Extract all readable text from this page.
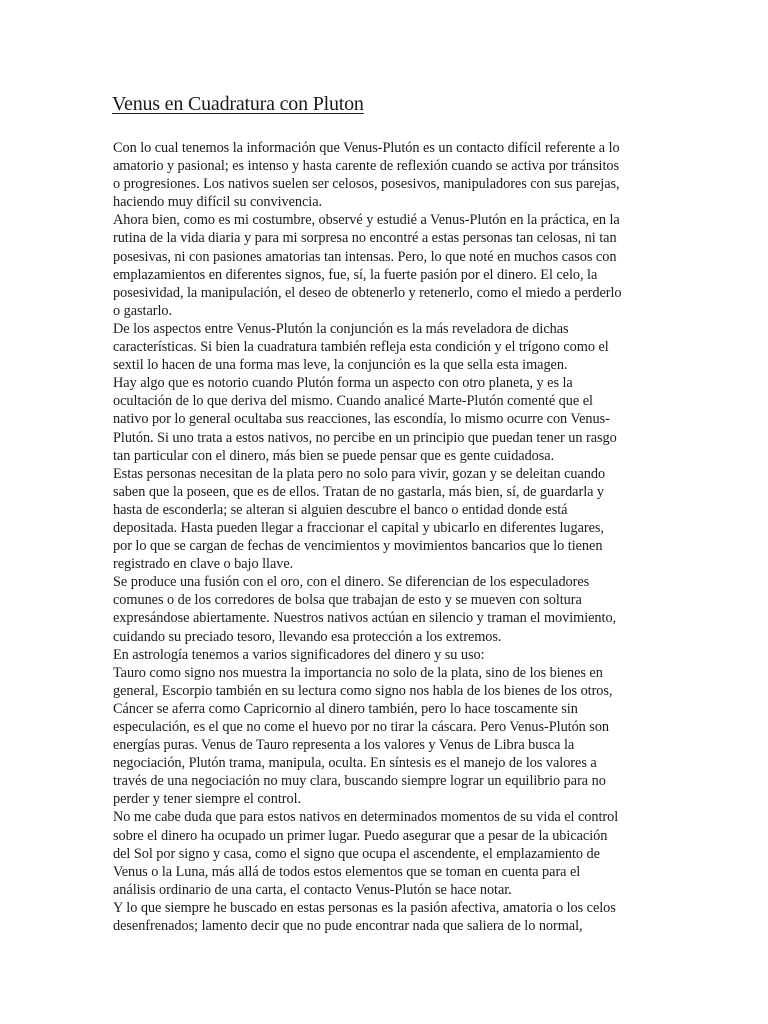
Venus en Cuadratura con Pluton
Con lo cual tenemos la información que Venus-Plutón es un contacto difícil referente a lo
amatorio y pasional; es intenso y hasta carente de reflexión cuando se activa por tránsitos
o progresiones. Los nativos suelen ser celosos, posesivos, manipuladores con sus parejas,
haciendo muy difícil su convivencia.
Ahora bien, como es mi costumbre, observé y estudié a Venus-Plutón en la práctica, en la
rutina de la vida diaria y para mi sorpresa no encontré a estas personas tan celosas, ni tan
posesivas, ni con pasiones amatorias tan intensas. Pero, lo que noté en muchos casos con
emplazamientos en diferentes signos, fue, sí, la fuerte pasión por el dinero. El celo, la
posesividad, la manipulación, el deseo de obtenerlo y retenerlo, como el miedo a perderlo
o gastarlo.
De los aspectos entre Venus-Plutón la conjunción es la más reveladora de dichas
características. Si bien la cuadratura también refleja esta condición y el trígono como el
sextil lo hacen de una forma mas leve, la conjunción es la que sella esta imagen.
Hay algo que es notorio cuando Plutón forma un aspecto con otro planeta, y es la
ocultación de lo que deriva del mismo. Cuando analicé Marte-Plutón comenté que el
nativo por lo general ocultaba sus reacciones, las escondía, lo mismo ocurre con Venus-
Plutón. Si uno trata a estos nativos, no percibe en un principio que puedan tener un rasgo
tan particular con el dinero, más bien se puede pensar que es gente cuidadosa.
Estas personas necesitan de la plata pero no solo para vivir, gozan y se deleitan cuando
saben que la poseen, que es de ellos. Tratan de no gastarla, más bien, sí, de guardarla y
hasta de esconderla; se alteran si alguien descubre el banco o entidad donde está
depositada. Hasta pueden llegar a fraccionar el capital y ubicarlo en diferentes lugares,
por lo que se cargan de fechas de vencimientos y movimientos bancarios que lo tienen
registrado en clave o bajo llave.
Se produce una fusión con el oro, con el dinero. Se diferencian de los especuladores
comunes o de los corredores de bolsa que trabajan de esto y se mueven con soltura
expresándose abiertamente. Nuestros nativos actúan en silencio y traman el movimiento,
cuidando su preciado tesoro, llevando esa protección a los extremos.
En astrología tenemos a varios significadores del dinero y su uso:
Tauro como signo nos muestra la importancia no solo de la plata, sino de los bienes en
general, Escorpio también en su lectura como signo nos habla de los bienes de los otros,
Cáncer se aferra como Capricornio al dinero también, pero lo hace toscamente sin
especulación, es el que no come el huevo por no tirar la cáscara. Pero Venus-Plutón son
energías puras. Venus de Tauro representa a los valores y Venus de Libra busca la
negociación, Plutón trama, manipula, oculta. En síntesis es el manejo de los valores a
través de una negociación no muy clara, buscando siempre lograr un equilibrio para no
perder y tener siempre el control.
No me cabe duda que para estos nativos en determinados momentos de su vida el control
sobre el dinero ha ocupado un primer lugar. Puedo asegurar que a pesar de la ubicación
del Sol por signo y casa, como el signo que ocupa el ascendente, el emplazamiento de
Venus o la Luna, más allá de todos estos elementos que se toman en cuenta para el
análisis ordinario de una carta, el contacto Venus-Plutón se hace notar.
Y lo que siempre he buscado en estas personas es la pasión afectiva, amatoria o los celos
desenfrenados; lamento decir que no pude encontrar nada que saliera de lo normal,
